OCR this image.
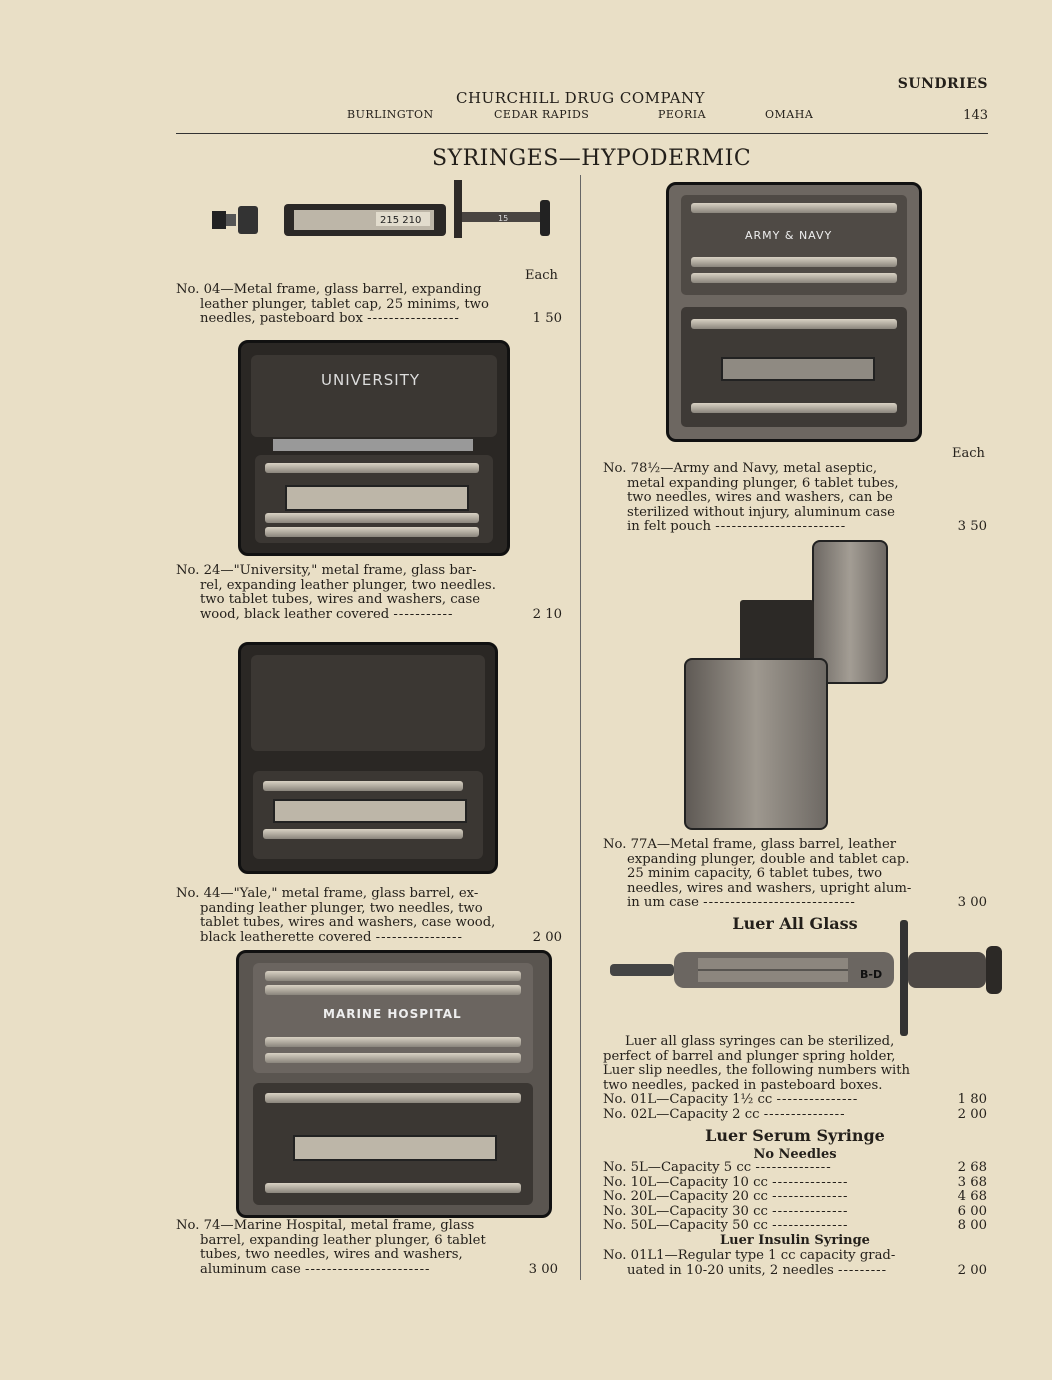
SUNDRIES
CHURCHILL DRUG COMPANY
BURLINGTON	CEDAR RAPIDS	PEORIA	OMAHA	143
SYRINGES—HYPODERMIC
215 210	15
Each
No. 04—Metal frame, glass barrel, expanding
leather plunger, tablet cap, 25 minims, two
needles, pasteboard box -----------------	1 50
UNIVERSITY
No. 24—"University," metal frame, glass bar-
rel, expanding leather plunger, two needles.
two tablet tubes, wires and washers, case
wood, black leather covered -----------	2 10
No. 44—"Yale," metal frame, glass barrel, ex-
panding leather plunger, two needles, two
tablet tubes, wires and washers, case wood,
black leatherette covered ----------------	2 00
MARINE HOSPITAL
No. 74—Marine Hospital, metal frame, glass
barrel, expanding leather plunger, 6 tablet
tubes, two needles, wires and washers,
aluminum case -----------------------	3 00
ARMY & NAVY
Each
No. 78½—Army and Navy, metal aseptic,
metal expanding plunger, 6 tablet tubes,
two needles, wires and washers, can be
sterilized without injury, aluminum case
in felt pouch ------------------------	3 50
No. 77A—Metal frame, glass barrel, leather
expanding plunger, double and tablet cap.
25 minim capacity, 6 tablet tubes, two
needles, wires and washers, upright alum-
in um case ----------------------------	3 00
Luer All Glass
B-D
Luer all glass syringes can be sterilized,
perfect of barrel and plunger spring holder,
Luer slip needles, the following numbers with
two needles, packed in pasteboard boxes.
No. 01L—Capacity 1½ cc ---------------	1 80
No. 02L—Capacity 2 cc ---------------	2 00
Luer Serum Syringe
No Needles
No. 5L—Capacity 5 cc --------------	2 68
No. 10L—Capacity 10 cc --------------	3 68
No. 20L—Capacity 20 cc --------------	4 68
No. 30L—Capacity 30 cc --------------	6 00
No. 50L—Capacity 50 cc --------------	8 00
Luer Insulin Syringe
No. 01L1—Regular type 1 cc capacity grad-
uated in 10-20 units, 2 needles ---------	2 00
